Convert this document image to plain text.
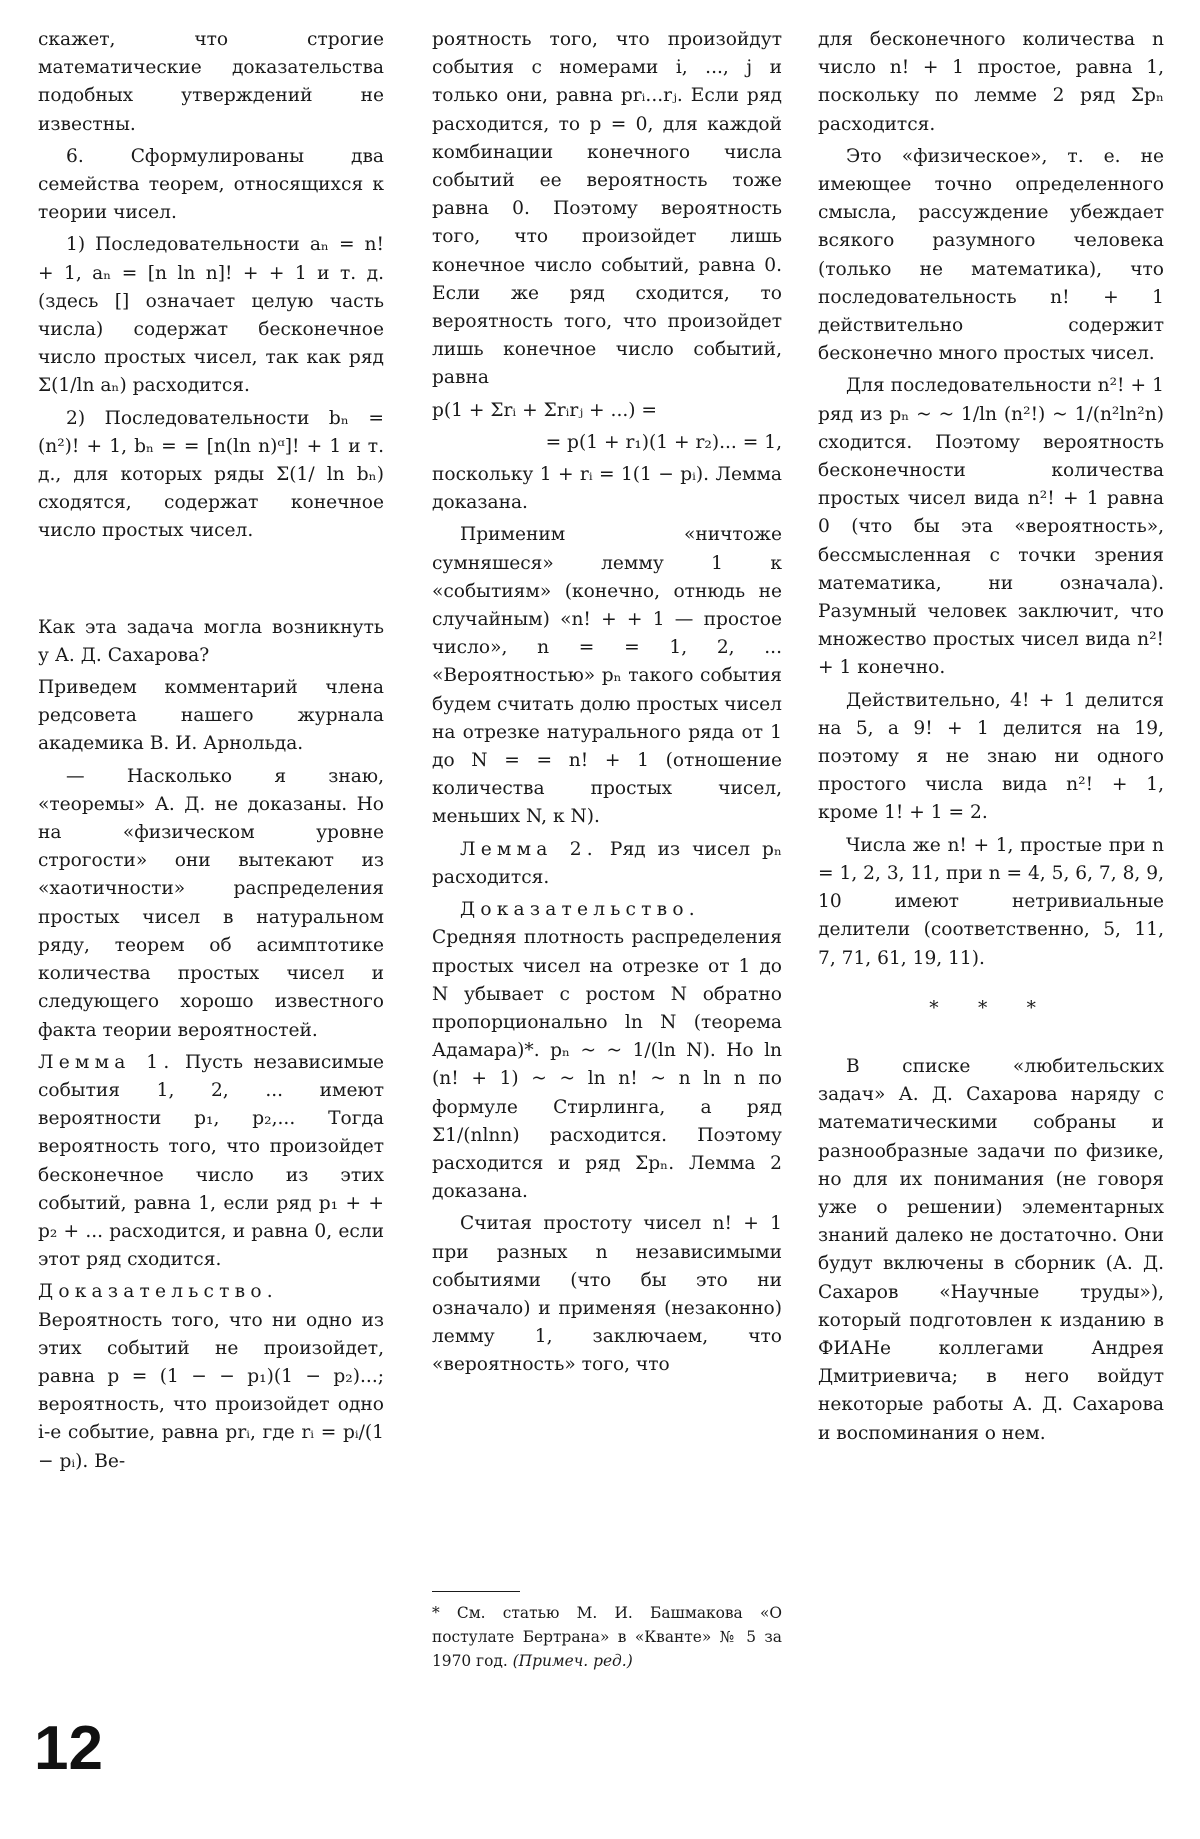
скажет, что строгие математические доказательства подобных утверждений не известны.

6. Сформулированы два семейства теорем, относящихся к теории чисел.

1) Последовательности aₙ = n! + 1, aₙ = [n ln n]! + + 1 и т. д. (здесь [] означает целую часть числа) содержат бесконечное число простых чисел, так как ряд Σ(1/ln aₙ) расходится.

2) Последовательности bₙ = (n²)! + 1, bₙ = = [n(ln n)ᵅ]! + 1 и т. д., для которых ряды Σ(1/ ln bₙ) сходятся, содержат конечное число простых чисел.

Как эта задача могла возникнуть у А. Д. Сахарова?

Приведем комментарий члена редсовета нашего журнала академика В. И. Арнольда.

— Насколько я знаю, «теоремы» А. Д. не доказаны. Но на «физическом уровне строгости» они вытекают из «хаотичности» распределения простых чисел в натуральном ряду, теорем об асимптотике количества простых чисел и следующего хорошо известного факта теории вероятностей.

Лемма 1. Пусть независимые события 1, 2, ... имеют вероятности p₁, p₂,... Тогда вероятность того, что произойдет бесконечное число из этих событий, равна 1, если ряд p₁ + + p₂ + ... расходится, и равна 0, если этот ряд сходится.

Доказательство. Вероятность того, что ни одно из этих событий не произойдет, равна p = (1 − − p₁)(1 − p₂)...; вероятность, что произойдет одно i-е событие, равна prᵢ, где rᵢ = pᵢ/(1 − pᵢ). Ве-

роятность того, что произойдут события с номерами i, ..., j и только они, равна prᵢ...rⱼ. Если ряд расходится, то p = 0, для каждой комбинации конечного числа событий ее вероятность тоже равна 0. Поэтому вероятность того, что произойдет лишь конечное число событий, равна 0. Если же ряд сходится, то вероятность того, что произойдет лишь конечное число событий, равна

p(1 + Σrᵢ + Σrᵢrⱼ + ...) =

= p(1 + r₁)(1 + r₂)... = 1,

поскольку 1 + rᵢ = 1(1 − pᵢ). Лемма доказана.

Применим «ничтоже сумняшеся» лемму 1 к «событиям» (конечно, отнюдь не случайным) «n! + + 1 — простое число», n = = 1, 2, ... «Вероятностью» pₙ такого события будем считать долю простых чисел на отрезке натурального ряда от 1 до N = = n! + 1 (отношение количества простых чисел, меньших N, к N).

Лемма 2. Ряд из чисел pₙ расходится.

Доказательство. Средняя плотность распределения простых чисел на отрезке от 1 до N убывает с ростом N обратно пропорционально ln N (теорема Адамара)*. pₙ ~ ~ 1/(ln N). Но ln (n! + 1) ~ ~ ln n! ~ n ln n по формуле Стирлинга, а ряд Σ1/(nlnn) расходится. Поэтому расходится и ряд Σpₙ. Лемма 2 доказана.

Считая простоту чисел n! + 1 при разных n независимыми событиями (что бы это ни означало) и применяя (незаконно) лемму 1, заключаем, что «вероятность» того, что

* См. статью М. И. Башмакова «О постулате Бертрана» в «Кванте» № 5 за 1970 год. (Примеч. ред.)

для бесконечного количества n число n! + 1 простое, равна 1, поскольку по лемме 2 ряд Σpₙ расходится.

Это «физическое», т. е. не имеющее точно определенного смысла, рассуждение убеждает всякого разумного человека (только не математика), что последовательность n! + 1 действительно содержит бесконечно много простых чисел.

Для последовательности n²! + 1 ряд из pₙ ~ ~ 1/ln (n²!) ~ 1/(n²ln²n) сходится. Поэтому вероятность бесконечности количества простых чисел вида n²! + 1 равна 0 (что бы эта «вероятность», бессмысленная с точки зрения математика, ни означала). Разумный человек заключит, что множество простых чисел вида n²! + 1 конечно.

Действительно, 4! + 1 делится на 5, а 9! + 1 делится на 19, поэтому я не знаю ни одного простого числа вида n²! + 1, кроме 1! + 1 = 2.

Числа же n! + 1, простые при n = 1, 2, 3, 11, при n = 4, 5, 6, 7, 8, 9, 10 имеют нетривиальные делители (соответственно, 5, 11, 7, 71, 61, 19, 11).

* * *

В списке «любительских задач» А. Д. Сахарова наряду с математическими собраны и разнообразные задачи по физике, но для их понимания (не говоря уже о решении) элементарных знаний далеко не достаточно. Они будут включены в сборник (А. Д. Сахаров «Научные труды»), который подготовлен к изданию в ФИАНе коллегами Андрея Дмитриевича; в него войдут некоторые работы А. Д. Сахарова и воспоминания о нем.

12
